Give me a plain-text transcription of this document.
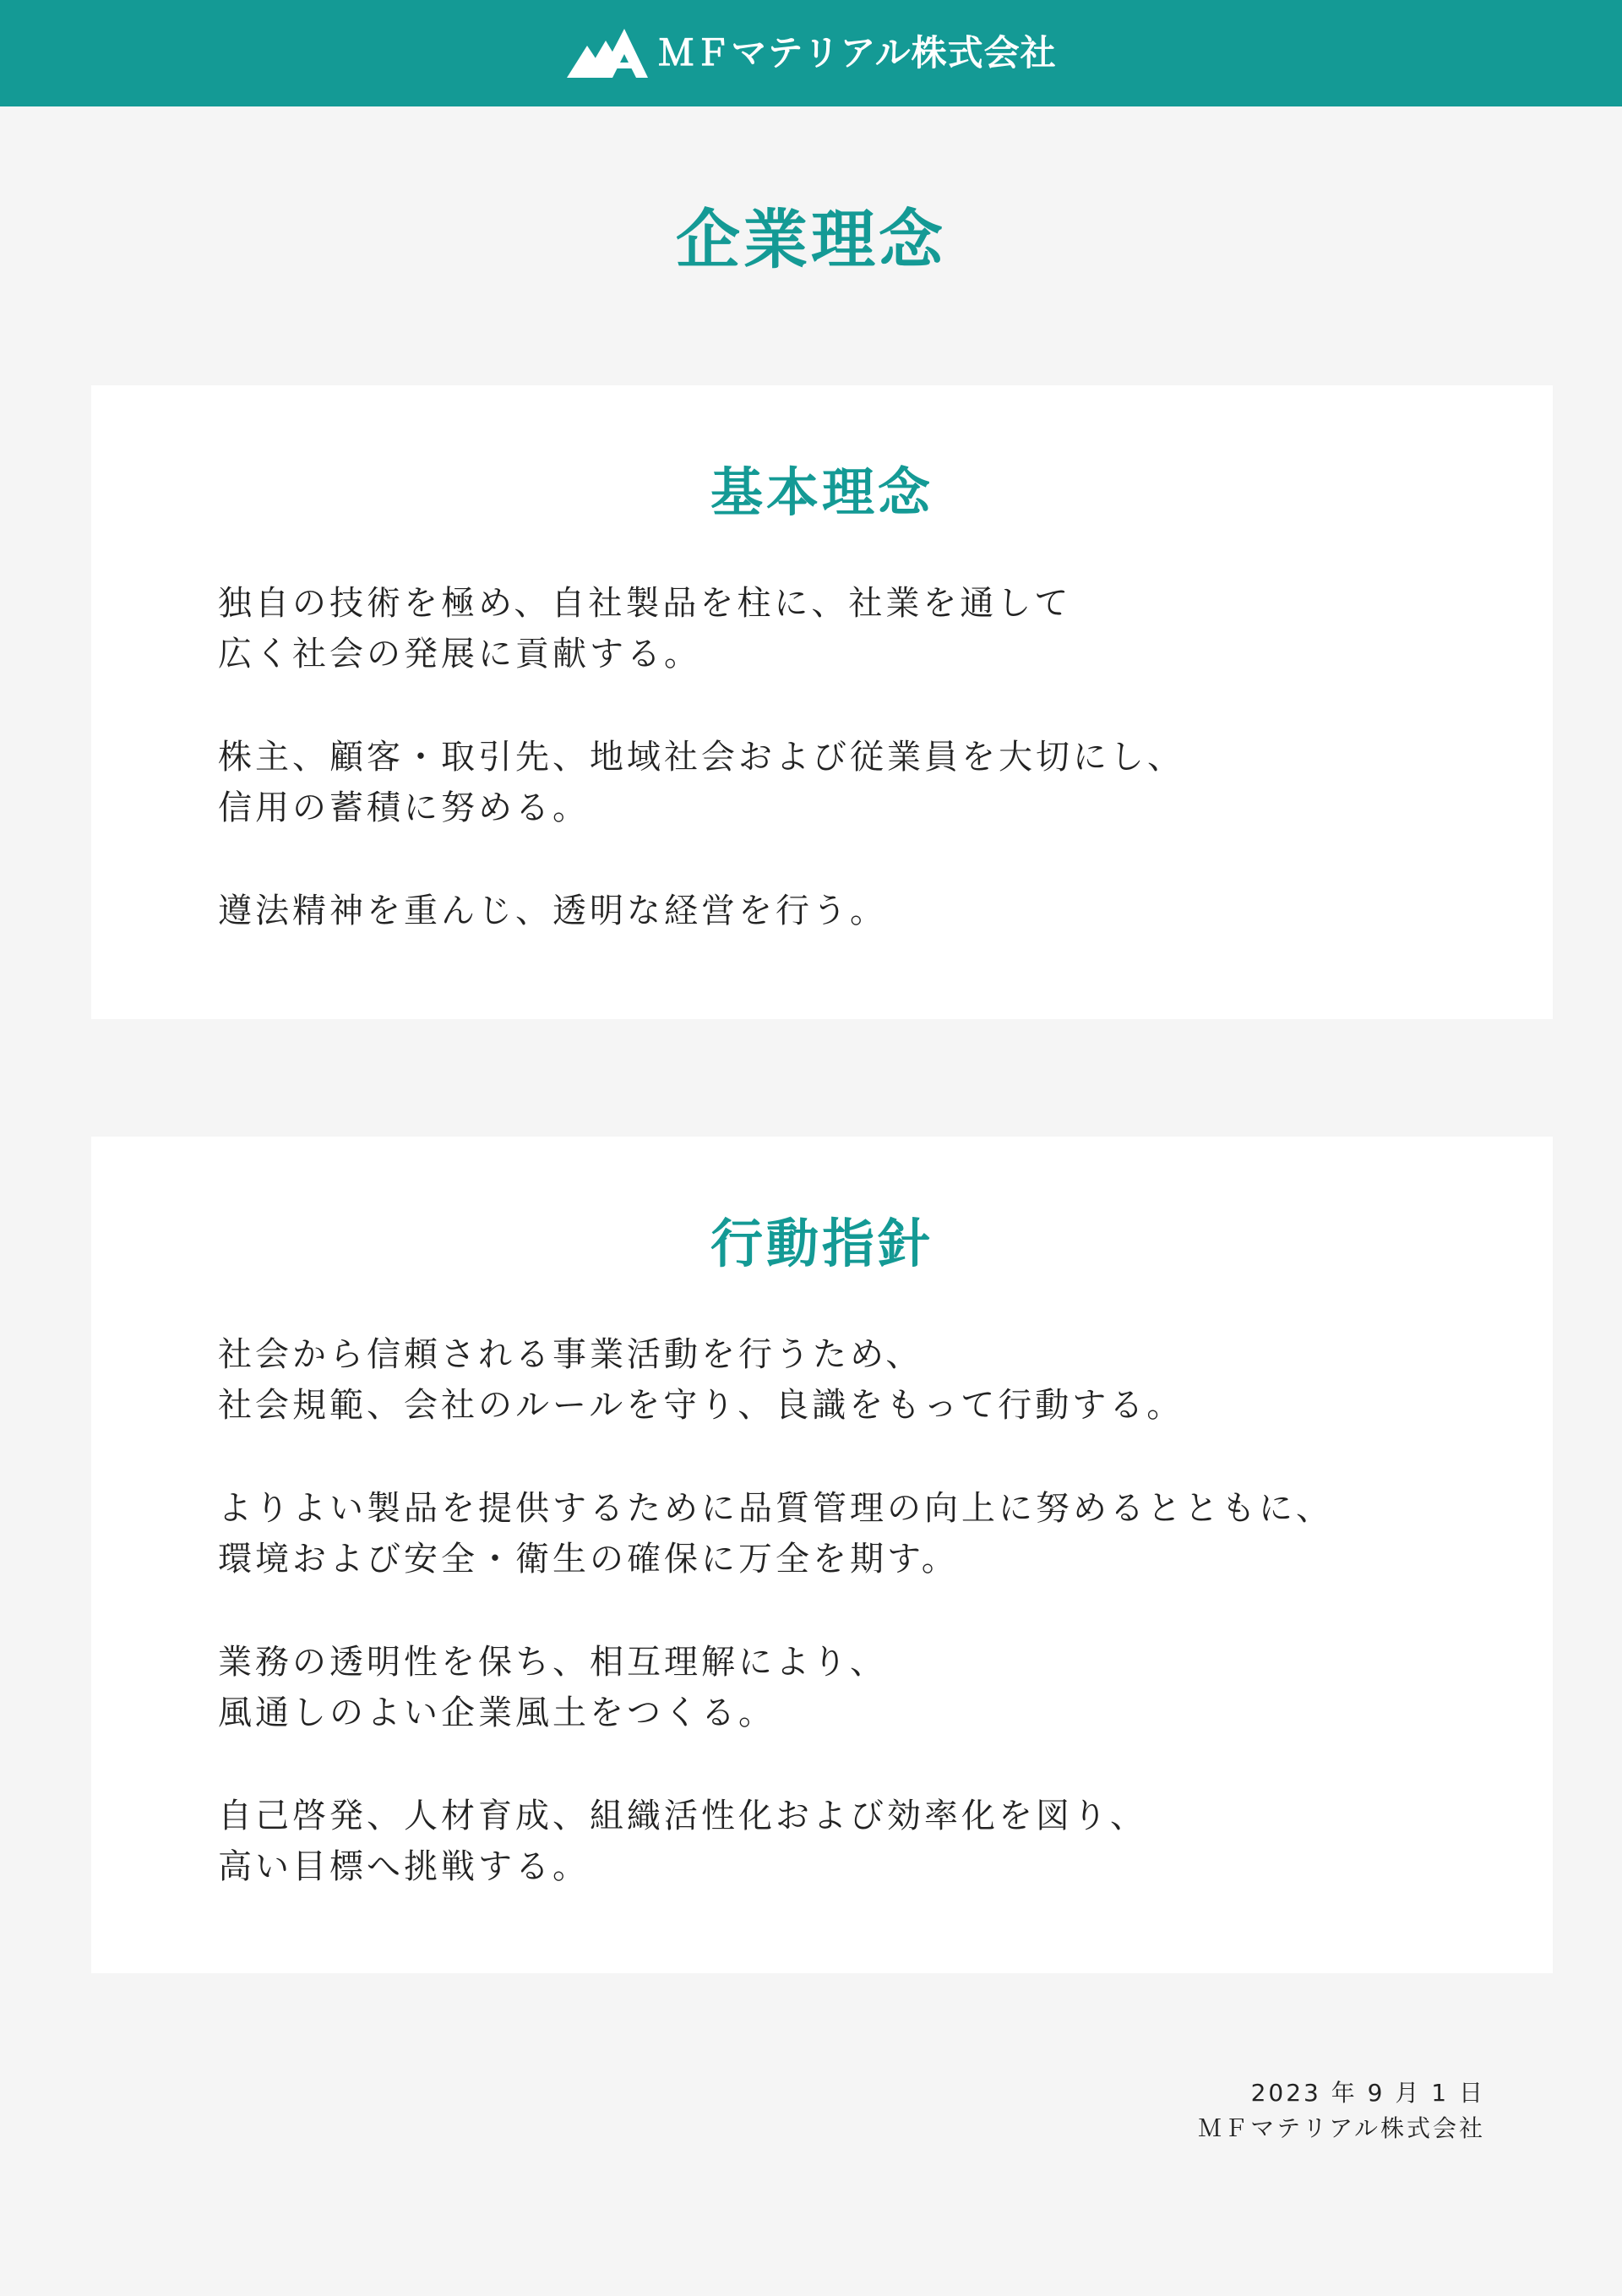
ＭＦマテリアル株式会社
企業理念
基本理念

独自の技術を極め、自社製品を柱に、社業を通して
広く社会の発展に貢献する。

株主、顧客・取引先、地域社会および従業員を大切にし、
信用の蓄積に努める。

遵法精神を重んじ、透明な経営を行う。

行動指針

社会から信頼される事業活動を行うため、
社会規範、会社のルールを守り、良識をもって行動する。

よりよい製品を提供するために品質管理の向上に努めるとともに、
環境および安全・衛生の確保に万全を期す。

業務の透明性を保ち、相互理解により、
風通しのよい企業風土をつくる。

自己啓発、人材育成、組織活性化および効率化を図り、
高い目標へ挑戦する。

2023 年 9 月 1 日
ＭＦマテリアル株式会社
